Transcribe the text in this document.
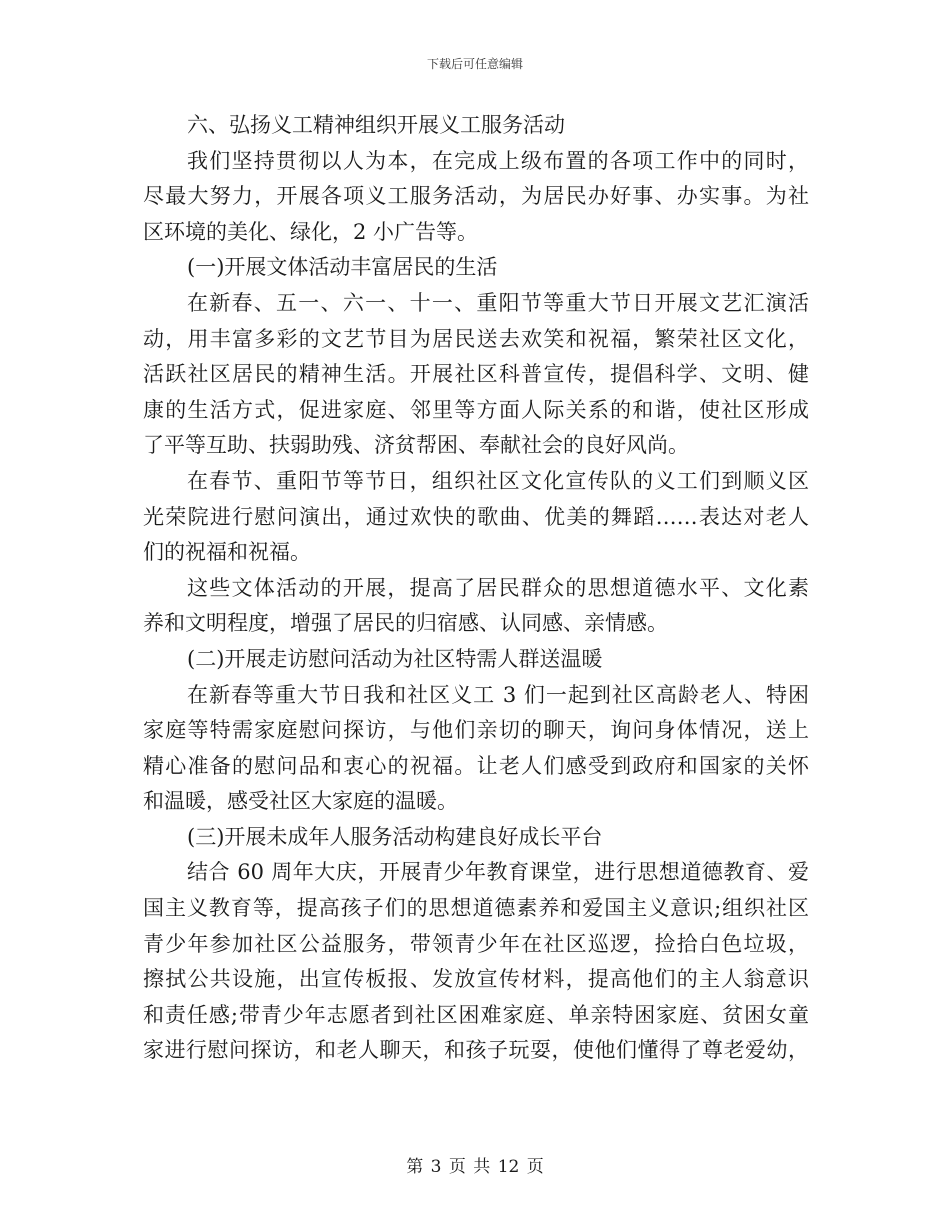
下载后可任意编辑
六、弘扬义工精神组织开展义工服务活动
我们坚持贯彻以人为本，在完成上级布置的各项工作中的同时，
尽最大努力，开展各项义工服务活动，为居民办好事、办实事。为社
区环境的美化、绿化，2 小广告等。
(一)开展文体活动丰富居民的生活
在新春、五一、六一、十一、重阳节等重大节日开展文艺汇演活
动，用丰富多彩的文艺节目为居民送去欢笑和祝福，繁荣社区文化，
活跃社区居民的精神生活。开展社区科普宣传，提倡科学、文明、健
康的生活方式，促进家庭、邻里等方面人际关系的和谐，使社区形成
了平等互助、扶弱助残、济贫帮困、奉献社会的良好风尚。
在春节、重阳节等节日，组织社区文化宣传队的义工们到顺义区
光荣院进行慰问演出，通过欢快的歌曲、优美的舞蹈……表达对老人
们的祝福和祝福。
这些文体活动的开展，提高了居民群众的思想道德水平、文化素
养和文明程度，增强了居民的归宿感、认同感、亲情感。
(二)开展走访慰问活动为社区特需人群送温暖
在新春等重大节日我和社区义工 3 们一起到社区高龄老人、特困
家庭等特需家庭慰问探访，与他们亲切的聊天，询问身体情况，送上
精心准备的慰问品和衷心的祝福。让老人们感受到政府和国家的关怀
和温暖，感受社区大家庭的温暖。
(三)开展未成年人服务活动构建良好成长平台
结合 60 周年大庆，开展青少年教育课堂，进行思想道德教育、爱
国主义教育等，提高孩子们的思想道德素养和爱国主义意识;组织社区
青少年参加社区公益服务，带领青少年在社区巡逻，捡拾白色垃圾，
擦拭公共设施，出宣传板报、发放宣传材料，提高他们的主人翁意识
和责任感;带青少年志愿者到社区困难家庭、单亲特困家庭、贫困女童
家进行慰问探访，和老人聊天，和孩子玩耍，使他们懂得了尊老爱幼，
第 3 页 共 12 页
